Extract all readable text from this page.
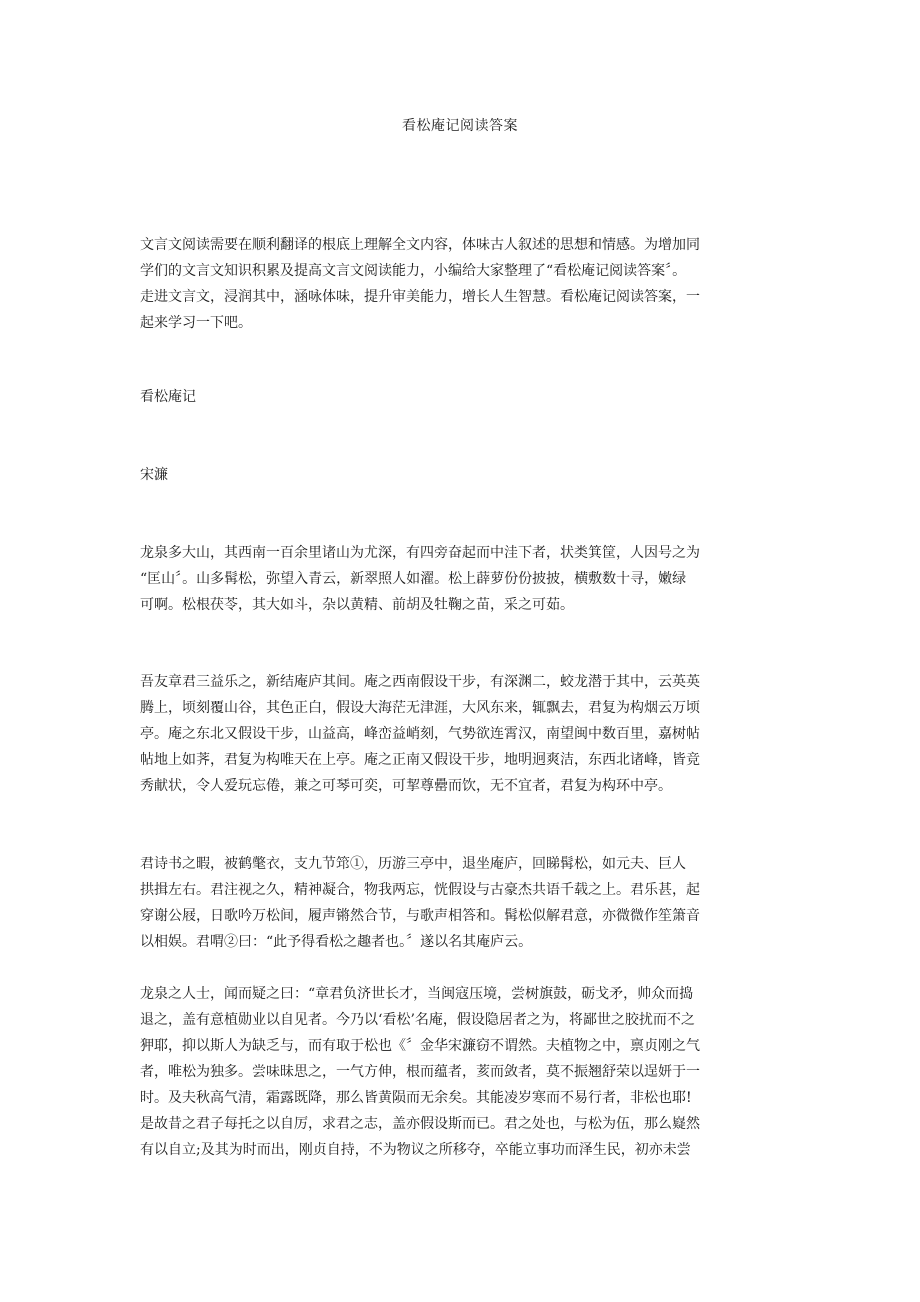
看松庵记阅读答案
文言文阅读需要在顺利翻译的根底上理解全文内容，体味古人叙述的思想和情感。为增加同
学们的文言文知识积累及提高文言文阅读能力，小编给大家整理了“看松庵记阅读答案〞。
走进文言文，浸润其中，涵咏体味，提升审美能力，增长人生智慧。看松庵记阅读答案，一
起来学习一下吧。
看松庵记
宋濂
龙泉多大山，其西南一百余里诸山为尤深，有四旁奋起而中洼下者，状类箕筐，人因号之为
“匡山〞。山多髯松，弥望入青云，新翠照人如濯。松上薜萝份份披披，横敷数十寻，嫩绿
可啊。松根茯苓，其大如斗，杂以黄精、前胡及牡鞠之苗，采之可茹。
吾友章君三益乐之，新结庵庐其间。庵之西南假设干步，有深渊二，蛟龙潜于其中，云英英
腾上，顷刻覆山谷，其色正白，假设大海茫无津涯，大风东来，辄飘去，君复为构烟云万顷
亭。庵之东北又假设干步，山益高，峰峦益峭刻，气势欲连霄汉，南望闽中数百里，嘉树帖
帖地上如荠，君复为构唯天在上亭。庵之正南又假设干步，地明迥爽洁，东西北诸峰，皆竞
秀献状，令人爱玩忘倦，兼之可琴可奕，可挈尊罍而饮，无不宜者，君复为构环中亭。
君诗书之暇，被鹤氅衣，支九节筇①，历游三亭中，退坐庵庐，回睇髯松，如元夫、巨人
拱揖左右。君注视之久，精神凝合，物我两忘，恍假设与古豪杰共语千载之上。君乐甚，起
穿谢公屐，日歌吟万松间，履声锵然合节，与歌声相答和。髯松似解君意，亦微微作笙箫音
以相娱。君喟②曰：“此予得看松之趣者也。〞遂以名其庵庐云。
龙泉之人士，闻而疑之曰：“章君负济世长才，当闽寇压境，尝树旗鼓，砺戈矛，帅众而捣
退之，盖有意植勋业以自见者。今乃以‘看松’名庵，假设隐居者之为，将鄙世之胶扰而不之
狎耶，抑以斯人为缺乏与，而有取于松也《〞金华宋濂窃不谓然。夫植物之中，禀贞刚之气
者，唯松为独多。尝味昧思之，一气方伸，根而蕴者，荄而敛者，莫不振翘舒荣以逞妍于一
时。及夫秋高气清，霜露既降，那么皆黄陨而无余矣。其能凌岁寒而不易行者，非松也耶!
是故昔之君子每托之以自厉，求君之志，盖亦假设斯而已。君之处也，与松为伍，那么嶷然
有以自立;及其为时而出，刚贞自持，不为物议之所移夺，卒能立事功而泽生民，初亦未尝
